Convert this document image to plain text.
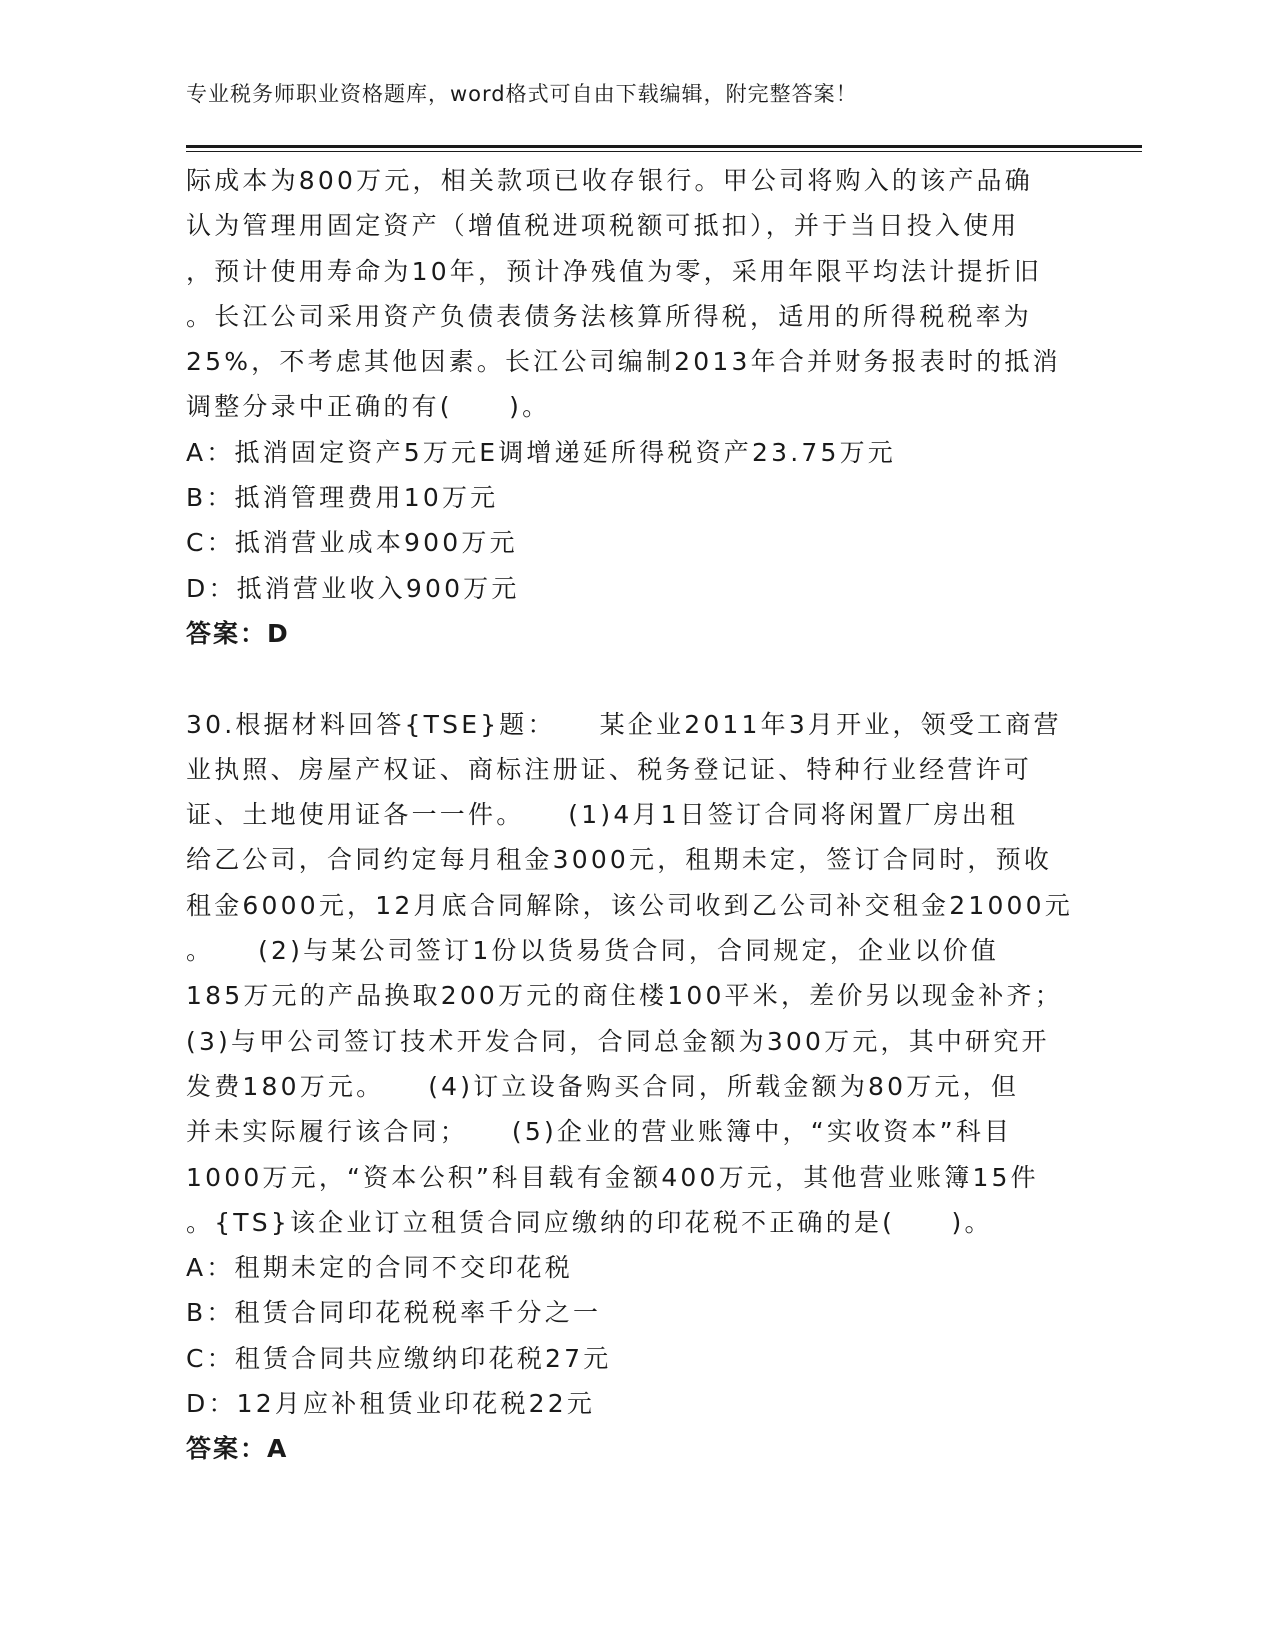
专业税务师职业资格题库，word格式可自由下载编辑，附完整答案！
际成本为800万元，相关款项已收存银行。甲公司将购入的该产品确
认为管理用固定资产（增值税进项税额可抵扣），并于当日投入使用
，预计使用寿命为10年，预计净残值为零，采用年限平均法计提折旧
。长江公司采用资产负债表债务法核算所得税，适用的所得税税率为
25%，不考虑其他因素。长江公司编制2013年合并财务报表时的抵消
调整分录中正确的有(　　)。
A：抵消固定资产5万元E调增递延所得税资产23.75万元
B：抵消管理费用10万元
C：抵消营业成本900万元
D：抵消营业收入900万元
答案：D
30.根据材料回答{TSE}题：　　某企业2011年3月开业，领受工商营
业执照、房屋产权证、商标注册证、税务登记证、特种行业经营许可
证、土地使用证各一一件。　　(1)4月1日签订合同将闲置厂房出租
给乙公司，合同约定每月租金3000元，租期未定，签订合同时，预收
租金6000元，12月底合同解除，该公司收到乙公司补交租金21000元
。　　(2)与某公司签订1份以货易货合同，合同规定，企业以价值
185万元的产品换取200万元的商住楼100平米，差价另以现金补齐；
(3)与甲公司签订技术开发合同，合同总金额为300万元，其中研究开
发费180万元。　　(4)订立设备购买合同，所载金额为80万元，但
并未实际履行该合同；　　(5)企业的营业账簿中，“实收资本”科目
1000万元，“资本公积”科目载有金额400万元，其他营业账簿15件
。{TS}该企业订立租赁合同应缴纳的印花税不正确的是(　　)。
A：租期未定的合同不交印花税
B：租赁合同印花税税率千分之一
C：租赁合同共应缴纳印花税27元
D：12月应补租赁业印花税22元
答案：A
